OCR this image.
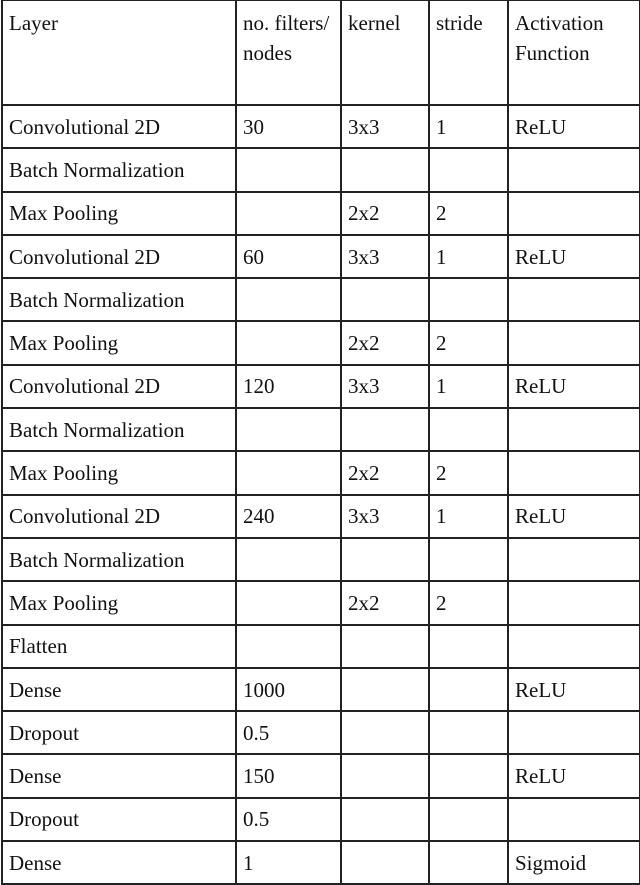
Layer	no. filters/ nodes	kernel	stride	Activation Function
Convolutional 2D	30	3x3	1	ReLU
Batch Normalization				
Max Pooling		2x2	2	
Convolutional 2D	60	3x3	1	ReLU
Batch Normalization				
Max Pooling		2x2	2	
Convolutional 2D	120	3x3	1	ReLU
Batch Normalization				
Max Pooling		2x2	2	
Convolutional 2D	240	3x3	1	ReLU
Batch Normalization				
Max Pooling		2x2	2	
Flatten				
Dense	1000			ReLU
Dropout	0.5			
Dense	150			ReLU
Dropout	0.5			
Dense	1			Sigmoid
